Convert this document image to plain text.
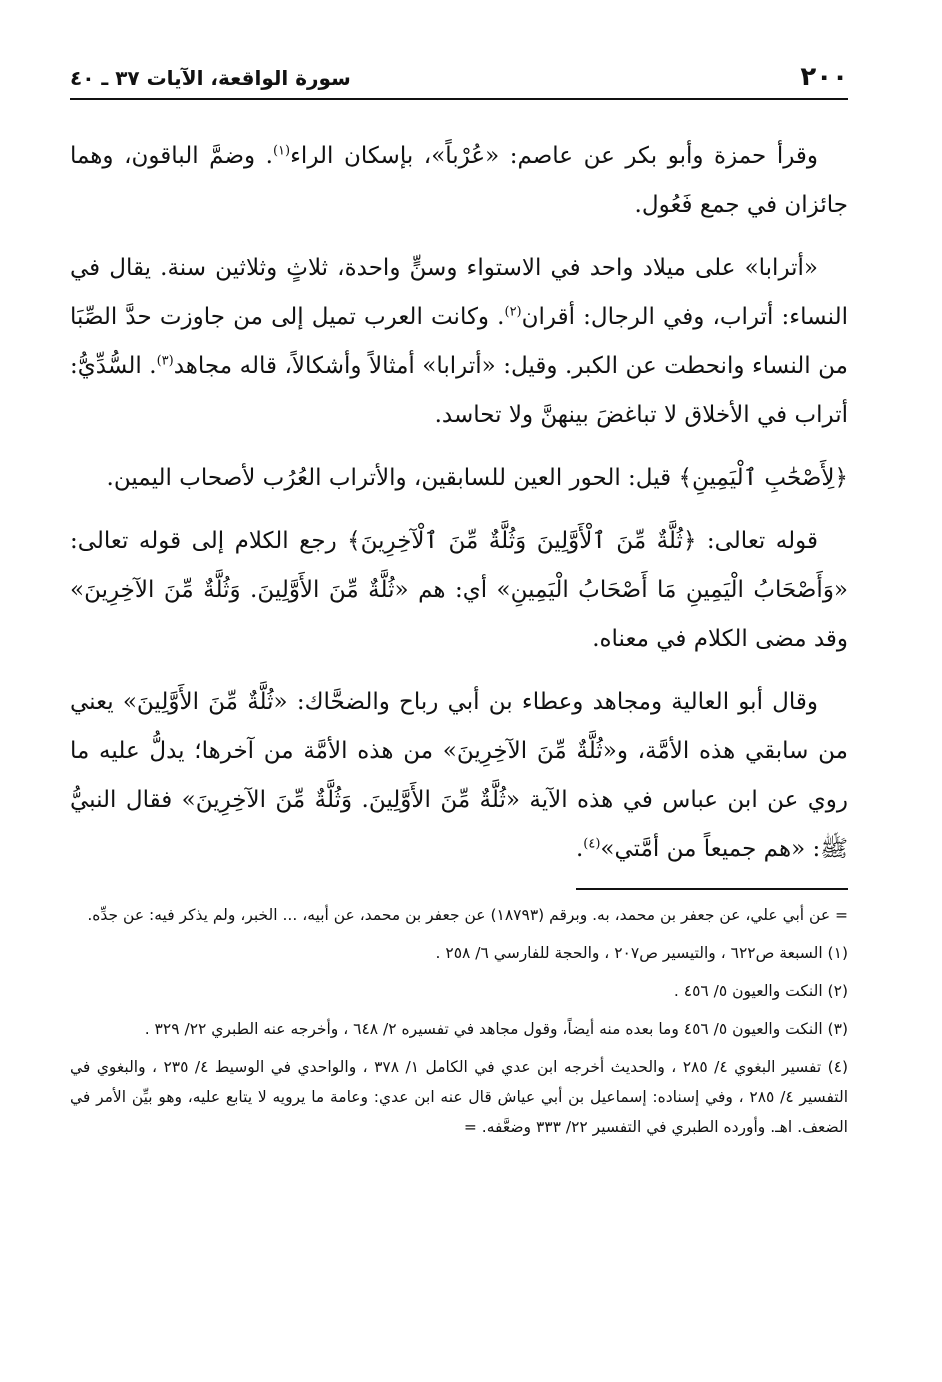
٢٠٠
سورة الواقعة، الآيات ٣٧ ـ ٤٠

وقرأ حمزة وأبو بكر عن عاصم: «عُرْباً»، بإسكان الراء$^{(١)}$. وضمَّ الباقون، وهما جائزان في جمع فَعُول.

«أترابا» على ميلاد واحد في الاستواء وسنٍّ واحدة، ثلاثٍ وثلاثين سنة. يقال في النساء: أتراب، وفي الرجال: أقران$^{(٢)}$. وكانت العرب تميل إلى من جاوزت حدَّ الصِّبَا من النساء وانحطت عن الكبر. وقيل: «أترابا» أمثالاً وأشكالاً، قاله مجاهد$^{(٣)}$. السُّدِّيُّ: أتراب في الأخلاق لا تباغضَ بينهنَّ ولا تحاسد.

﴿لِأَصْحَٰبِ ٱلْيَمِينِ﴾ قيل: الحور العين للسابقين، والأتراب العُرُب لأصحاب اليمين.

قوله تعالى: ﴿ثُلَّةٌ مِّنَ ٱلْأَوَّلِينَ وَثُلَّةٌ مِّنَ ٱلْآخِرِينَ﴾ رجع الكلام إلى قوله تعالى: «وَأَصْحَابُ الْيَمِينِ مَا أَصْحَابُ الْيَمِينِ» أي: هم «ثُلَّةٌ مِّنَ الأَوَّلِينَ. وَثُلَّةٌ مِّنَ الآخِرِينَ» وقد مضى الكلام في معناه.

وقال أبو العالية ومجاهد وعطاء بن أبي رباح والضحَّاك: «ثُلَّةٌ مِّنَ الأَوَّلِينَ» يعني من سابقي هذه الأمَّة، و«ثُلَّةٌ مِّنَ الآخِرِينَ» من هذه الأمَّة من آخرها؛ يدلُّ عليه ما روي عن ابن عباس في هذه الآية «ثُلَّةٌ مِّنَ الأَوَّلِينَ. وَثُلَّةٌ مِّنَ الآخِرِينَ» فقال النبيُّ ﷺ: «هم جميعاً من أمَّتي»$^{(٤)}$.

= عن أبي علي، عن جعفر بن محمد، به. وبرقم (١٨٧٩٣) عن جعفر بن محمد، عن أبيه، ... الخبر، ولم يذكر فيه: عن جدِّه.

(١) السبعة ص٦٢٢ ، والتيسير ص٢٠٧ ، والحجة للفارسي ٦/ ٢٥٨ .

(٢) النكت والعيون ٥/ ٤٥٦ .

(٣) النكت والعيون ٥/ ٤٥٦ وما بعده منه أيضاً، وقول مجاهد في تفسيره ٢/ ٦٤٨ ، وأخرجه عنه الطبري ٢٢/ ٣٢٩ .

(٤) تفسير البغوي ٤/ ٢٨٥ ، والحديث أخرجه ابن عدي في الكامل ١/ ٣٧٨ ، والواحدي في الوسيط ٤/ ٢٣٥ ، والبغوي في التفسير ٤/ ٢٨٥ ، وفي إسناده: إسماعيل بن أبي عياش قال عنه ابن عدي: وعامة ما يرويه لا يتابع عليه، وهو بيِّن الأمر في الضعف. اهـ. وأورده الطبري في التفسير ٢٢/ ٣٣٣ وضعَّفه. =
